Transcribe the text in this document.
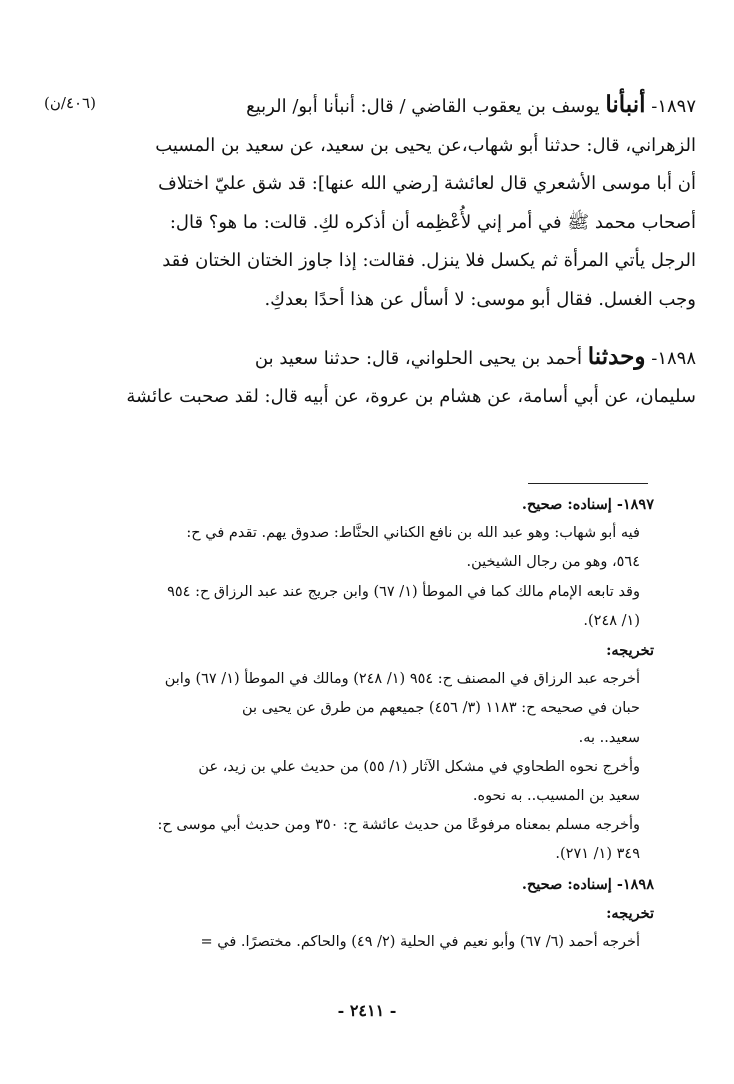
(٤٠٦/ن)	١٨٩٧- أنبأنا يوسف بن يعقوب القاضي / قال: أنبأنا أبو/ الربيع

الزهراني، قال: حدثنا أبو شهاب،عن يحيى بن سعيد، عن سعيد بن المسيب

أن أبا موسى الأشعري قال لعائشة [رضي الله عنها]: قد شق عليّ اختلاف

أصحاب محمد ﷺ في أمر إني لأُعْظِمه أن أذكره لكِ. قالت: ما هو؟ قال:

الرجل يأتي المرأة ثم يكسل فلا ينزل. فقالت: إذا جاوز الختان الختان فقد

وجب الغسل. فقال أبو موسى: لا أسأل عن هذا أحدًا بعدكِ.

١٨٩٨- وحدثنا أحمد بن يحيى الحلواني، قال: حدثنا سعيد بن

سليمان، عن أبي أسامة، عن هشام بن عروة، عن أبيه قال: لقد صحبت عائشة

١٨٩٧- إسناده: صحيح.

فيه أبو شهاب: وهو عبد الله بن نافع الكناني الحنَّاط: صدوق يهم. تقدم في ح:

٥٦٤، وهو من رجال الشيخين.

وقد تابعه الإمام مالك كما في الموطأ (١/ ٦٧) وابن جريج عند عبد الرزاق ح: ٩٥٤

(١/ ٢٤٨).

تخريجه:

أخرجه عبد الرزاق في المصنف ح: ٩٥٤ (١/ ٢٤٨) ومالك في الموطأ (١/ ٦٧) وابن

حبان في صحيحه ح: ١١٨٣ (٣/ ٤٥٦) جميعهم من طرق عن يحيى بن

سعيد.. به.

وأخرج نحوه الطحاوي في مشكل الآثار (١/ ٥٥) من حديث علي بن زيد، عن

سعيد بن المسيب.. به نحوه.

وأخرجه مسلم بمعناه مرفوعًا من حديث عائشة ح: ٣٥٠ ومن حديث أبي موسى ح:

٣٤٩ (١/ ٢٧١).

١٨٩٨- إسناده: صحيح.

تخريجه:

أخرجه أحمد (٦/ ٦٧) وأبو نعيم في الحلية (٢/ ٤٩) والحاكم. مختصرًا. في =

- ٢٤١١ -
